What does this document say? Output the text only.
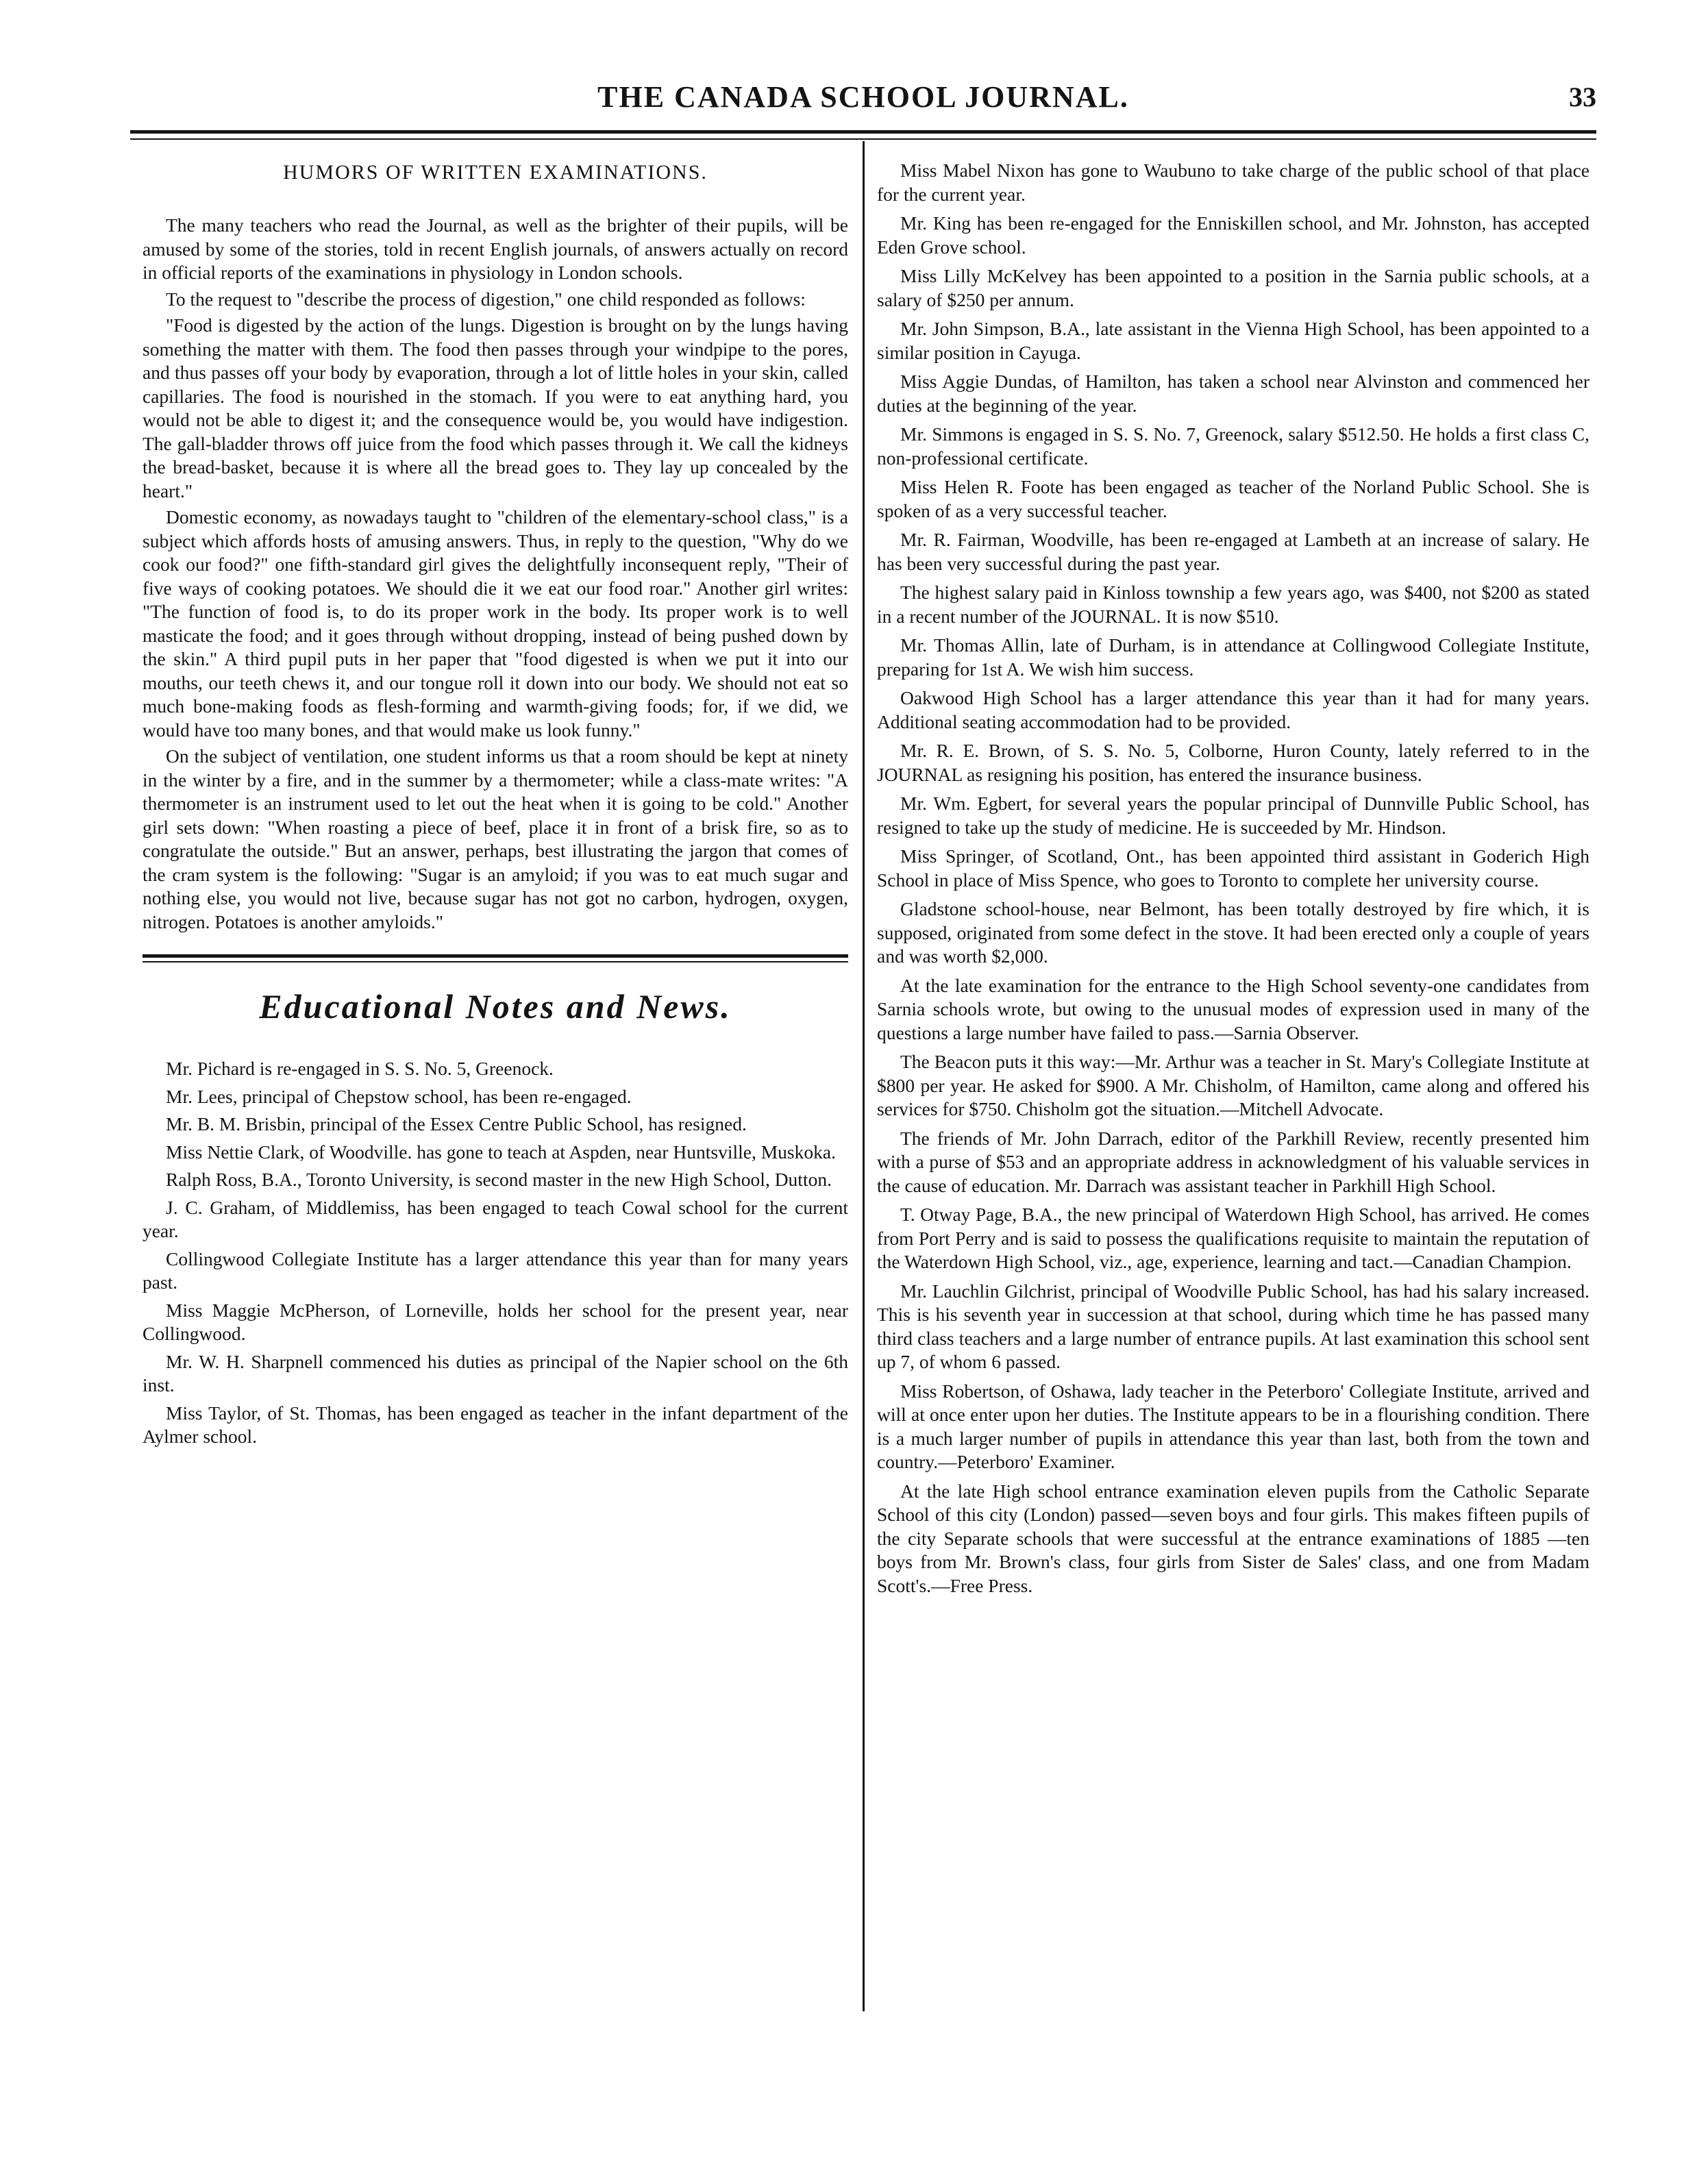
THE CANADA SCHOOL JOURNAL.	33
HUMORS OF WRITTEN EXAMINATIONS.

The many teachers who read the Journal, as well as the brighter of their pupils, will be amused by some of the stories, told in recent English journals, of answers actually on record in official reports of the examinations in physiology in London schools.

To the request to "describe the process of digestion," one child responded as follows:

"Food is digested by the action of the lungs. Digestion is brought on by the lungs having something the matter with them. The food then passes through your windpipe to the pores, and thus passes off your body by evaporation, through a lot of little holes in your skin, called capillaries. The food is nourished in the stomach. If you were to eat anything hard, you would not be able to digest it; and the consequence would be, you would have indigestion. The gall-bladder throws off juice from the food which passes through it. We call the kidneys the bread-basket, because it is where all the bread goes to. They lay up concealed by the heart."

Domestic economy, as nowadays taught to "children of the elementary-school class," is a subject which affords hosts of amusing answers. Thus, in reply to the question, "Why do we cook our food?" one fifth-standard girl gives the delightfully inconsequent reply, "Their of five ways of cooking potatoes. We should die it we eat our food roar." Another girl writes: "The function of food is, to do its proper work in the body. Its proper work is to well masticate the food; and it goes through without dropping, instead of being pushed down by the skin." A third pupil puts in her paper that "food digested is when we put it into our mouths, our teeth chews it, and our tongue roll it down into our body. We should not eat so much bone-making foods as flesh-forming and warmth-giving foods; for, if we did, we would have too many bones, and that would make us look funny."

On the subject of ventilation, one student informs us that a room should be kept at ninety in the winter by a fire, and in the summer by a thermometer; while a class-mate writes: "A thermometer is an instrument used to let out the heat when it is going to be cold." Another girl sets down: "When roasting a piece of beef, place it in front of a brisk fire, so as to congratulate the outside." But an answer, perhaps, best illustrating the jargon that comes of the cram system is the following: "Sugar is an amyloid; if you was to eat much sugar and nothing else, you would not live, because sugar has not got no carbon, hydrogen, oxygen, nitrogen. Potatoes is another amyloids."

Educational Notes and News.

Mr. Pichard is re-engaged in S. S. No. 5, Greenock.

Mr. Lees, principal of Chepstow school, has been re-engaged.

Mr. B. M. Brisbin, principal of the Essex Centre Public School, has resigned.

Miss Nettie Clark, of Woodville. has gone to teach at Aspden, near Huntsville, Muskoka.

Ralph Ross, B.A., Toronto University, is second master in the new High School, Dutton.

J. C. Graham, of Middlemiss, has been engaged to teach Cowal school for the current year.

Collingwood Collegiate Institute has a larger attendance this year than for many years past.

Miss Maggie McPherson, of Lorneville, holds her school for the present year, near Collingwood.

Mr. W. H. Sharpnell commenced his duties as principal of the Napier school on the 6th inst.

Miss Taylor, of St. Thomas, has been engaged as teacher in the infant department of the Aylmer school.

Miss Mabel Nixon has gone to Waubuno to take charge of the public school of that place for the current year.

Mr. King has been re-engaged for the Enniskillen school, and Mr. Johnston, has accepted Eden Grove school.

Miss Lilly McKelvey has been appointed to a position in the Sarnia public schools, at a salary of $250 per annum.

Mr. John Simpson, B.A., late assistant in the Vienna High School, has been appointed to a similar position in Cayuga.

Miss Aggie Dundas, of Hamilton, has taken a school near Alvinston and commenced her duties at the beginning of the year.

Mr. Simmons is engaged in S. S. No. 7, Greenock, salary $512.50. He holds a first class C, non-professional certificate.

Miss Helen R. Foote has been engaged as teacher of the Norland Public School. She is spoken of as a very successful teacher.

Mr. R. Fairman, Woodville, has been re-engaged at Lambeth at an increase of salary. He has been very successful during the past year.

The highest salary paid in Kinloss township a few years ago, was $400, not $200 as stated in a recent number of the JOURNAL. It is now $510.

Mr. Thomas Allin, late of Durham, is in attendance at Collingwood Collegiate Institute, preparing for 1st A. We wish him success.

Oakwood High School has a larger attendance this year than it had for many years. Additional seating accommodation had to be provided.

Mr. R. E. Brown, of S. S. No. 5, Colborne, Huron County, lately referred to in the JOURNAL as resigning his position, has entered the insurance business.

Mr. Wm. Egbert, for several years the popular principal of Dunnville Public School, has resigned to take up the study of medicine. He is succeeded by Mr. Hindson.

Miss Springer, of Scotland, Ont., has been appointed third assistant in Goderich High School in place of Miss Spence, who goes to Toronto to complete her university course.

Gladstone school-house, near Belmont, has been totally destroyed by fire which, it is supposed, originated from some defect in the stove. It had been erected only a couple of years and was worth $2,000.

At the late examination for the entrance to the High School seventy-one candidates from Sarnia schools wrote, but owing to the unusual modes of expression used in many of the questions a large number have failed to pass.—Sarnia Observer.

The Beacon puts it this way:—Mr. Arthur was a teacher in St. Mary's Collegiate Institute at $800 per year. He asked for $900. A Mr. Chisholm, of Hamilton, came along and offered his services for $750. Chisholm got the situation.—Mitchell Advocate.

The friends of Mr. John Darrach, editor of the Parkhill Review, recently presented him with a purse of $53 and an appropriate address in acknowledgment of his valuable services in the cause of education. Mr. Darrach was assistant teacher in Parkhill High School.

T. Otway Page, B.A., the new principal of Waterdown High School, has arrived. He comes from Port Perry and is said to possess the qualifications requisite to maintain the reputation of the Waterdown High School, viz., age, experience, learning and tact.—Canadian Champion.

Mr. Lauchlin Gilchrist, principal of Woodville Public School, has had his salary increased. This is his seventh year in succession at that school, during which time he has passed many third class teachers and a large number of entrance pupils. At last examination this school sent up 7, of whom 6 passed.

Miss Robertson, of Oshawa, lady teacher in the Peterboro' Collegiate Institute, arrived and will at once enter upon her duties. The Institute appears to be in a flourishing condition. There is a much larger number of pupils in attendance this year than last, both from the town and country.—Peterboro' Examiner.

At the late High school entrance examination eleven pupils from the Catholic Separate School of this city (London) passed—seven boys and four girls. This makes fifteen pupils of the city Separate schools that were successful at the entrance examinations of 1885 —ten boys from Mr. Brown's class, four girls from Sister de Sales' class, and one from Madam Scott's.—Free Press.
